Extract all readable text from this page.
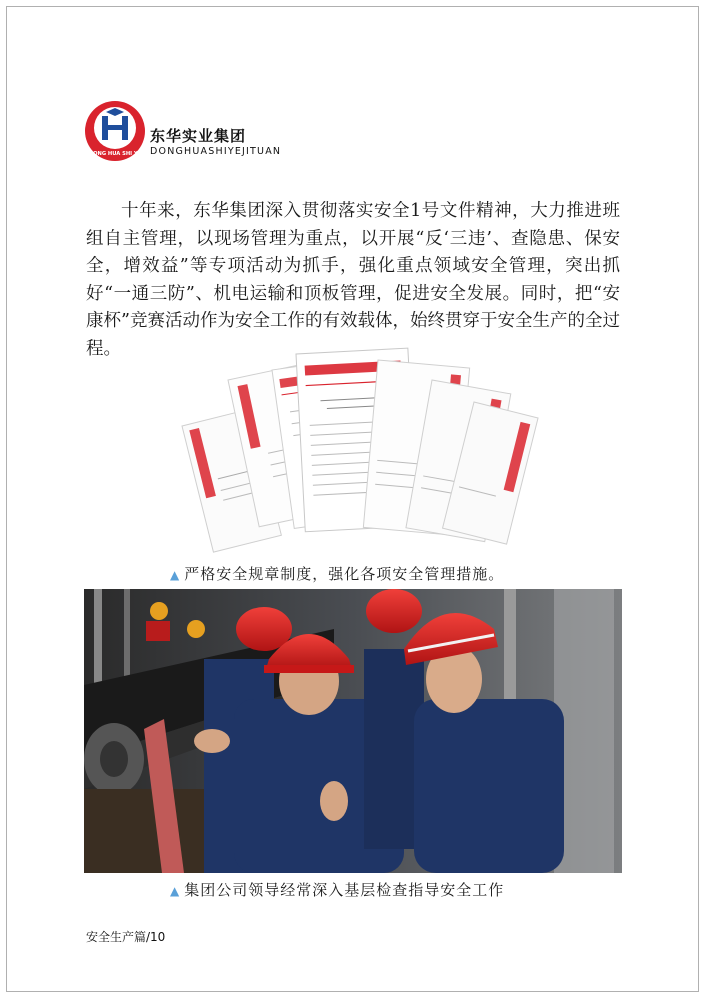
DONG HUA SHI YE
东华实业集团
DONGHUASHIYEJITUAN

十年来，东华集团深入贯彻落实安全1号文件精神，大力推进班组自主管理，以现场管理为重点，以开展“反‘三违’、查隐患、保安全，增效益”等专项活动为抓手，强化重点领域安全管理，突出抓好“一通三防”、机电运输和顶板管理，促进安全发展。同时，把“安康杯”竞赛活动作为安全工作的有效载体，始终贯穿于安全生产的全过程。

▲ 严格安全规章制度，强化各项安全管理措施。
▲ 集团公司领导经常深入基层检查指导安全工作
安全生产篇/10
